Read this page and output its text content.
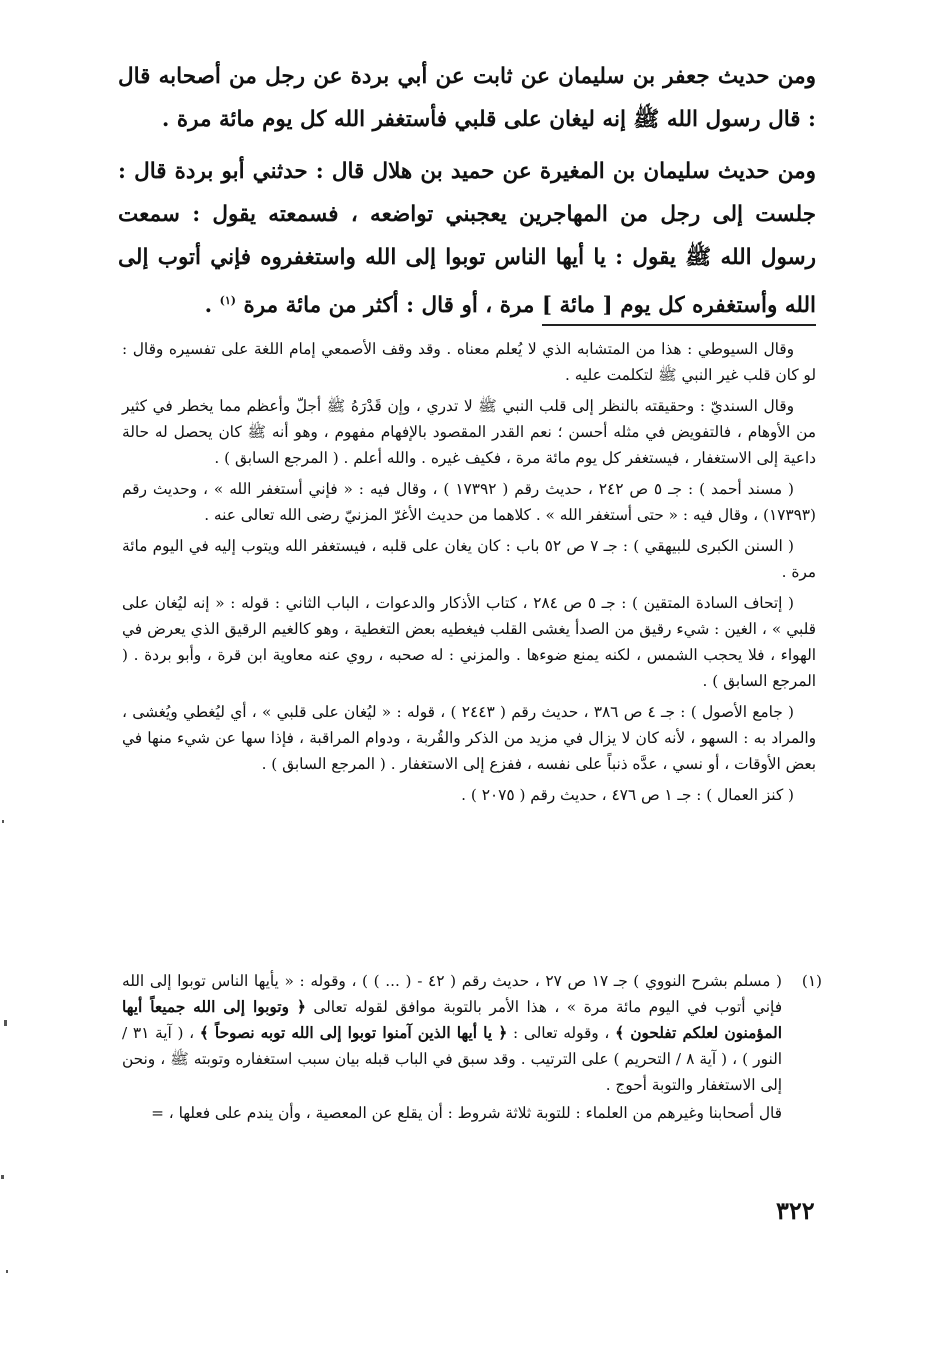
ومن حديث جعفر بن سليمان عن ثابت عن أبي بردة عن رجل من أصحابه قال : قال رسول الله ﷺ إنه ليغان على قلبي فأستغفر الله كل يوم مائة مرة .

ومن حديث سليمان بن المغيرة عن حميد بن هلال قال : حدثني أبو بردة قال : جلست إلى رجل من المهاجرين يعجبني تواضعه ، فسمعته يقول : سمعت رسول الله ﷺ يقول : يا أيها الناس توبوا إلى الله واستغفروه فإني أتوب إلى الله وأستغفره كل يوم [ مائة ] مرة ، أو قال : أكثر من مائة مرة $^{(١)}$ .

وقال السيوطي : هذا من المتشابه الذي لا يُعلم معناه . وقد وقف الأصمعي إمام اللغة على تفسيره وقال : لو كان قلب غير النبي ﷺ لتكلمت عليه .

وقال السنديّ : وحقيقته بالنظر إلى قلب النبي ﷺ لا تدري ، وإن قَدْرَهُ ﷺ أجلّ وأعظم مما يخطر في كثير من الأوهام ، فالتفويض في مثله أحسن ؛ نعم القدر المقصود بالإفهام مفهوم ، وهو أنه ﷺ كان يحصل له حالة داعية إلى الاستغفار ، فيستغفر كل يوم مائة مرة ، فكيف غيره . والله أعلم . ( المرجع السابق ) .

( مسند أحمد ) : جـ ٥ ص ٢٤٢ ، حديث رقم ( ١٧٣٩٢ ) ، وقال فيه : « فإني أستغفر الله » ، وحديث رقم (١٧٣٩٣) ، وقال فيه : « حتى أستغفر الله » . كلاهما من حديث الأغرّ المزنيّ رضى الله تعالى عنه .

( السنن الكبرى للبيهقي ) : جـ ٧ ص ٥٢ باب : كان يغان على قلبه ، فيستغفر الله ويتوب إليه في اليوم مائة مرة .

( إتحاف السادة المتقين ) : جـ ٥ ص ٢٨٤ ، كتاب الأذكار والدعوات ، الباب الثاني : قوله : « إنه ليُغان على قلبي » ، الغين : شيء رقيق من الصدأ يغشى القلب فيغطيه بعض التغطية ، وهو كالغيم الرقيق الذي يعرض في الهواء ، فلا يحجب الشمس ، لكنه يمنع ضوءها . والمزني : له صحبه ، روي عنه معاوية ابن قرة ، وأبو بردة . ( المرجع السابق ) .

( جامع الأصول ) : جـ ٤ ص ٣٨٦ ، حديث رقم ( ٢٤٤٣ ) ، قوله : « ليُغان على قلبي » ، أي ليُغطي ويُغشى ، والمراد به : السهو ، لأنه كان لا يزال في مزيد من الذكر والقُربة ، ودوام المراقبة ، فإذا سها عن شيء منها في بعض الأوقات ، أو نسي ، عدَّه ذنباً على نفسه ، ففزع إلى الاستغفار . ( المرجع السابق ) .

( كنز العمال ) : جـ ١ ص ٤٧٦ ، حديث رقم ( ٢٠٧٥ ) .

(١)

( مسلم بشرح النووي ) جـ ١٧ ص ٢٧ ، حديث رقم ( ٤٢ - ( ... ) ) ، وقوله : « يأيها الناس توبوا إلى الله فإني أتوب في اليوم مائة مرة » ، هذا الأمر بالتوبة موافق لقوله تعالى ﴿ وتوبوا إلى الله جميعاً أيها المؤمنون لعلكم تفلحون ﴾ ، وقوله تعالى : ﴿ يا أيها الذين آمنوا توبوا إلى الله توبه نصوحاً ﴾ ، ( آية ٣١ / النور ) ، ( آية ٨ / التحريم ) على الترتيب . وقد سبق في الباب قبله بيان سبب استغفاره وتوبته ﷺ ، ونحن إلى الاستغفار والتوبة أحوج .

قال أصحابنا وغيرهم من العلماء : للتوبة ثلاثة شروط : أن يقلع عن المعصية ، وأن يندم على فعلها ، =

٣٢٢
